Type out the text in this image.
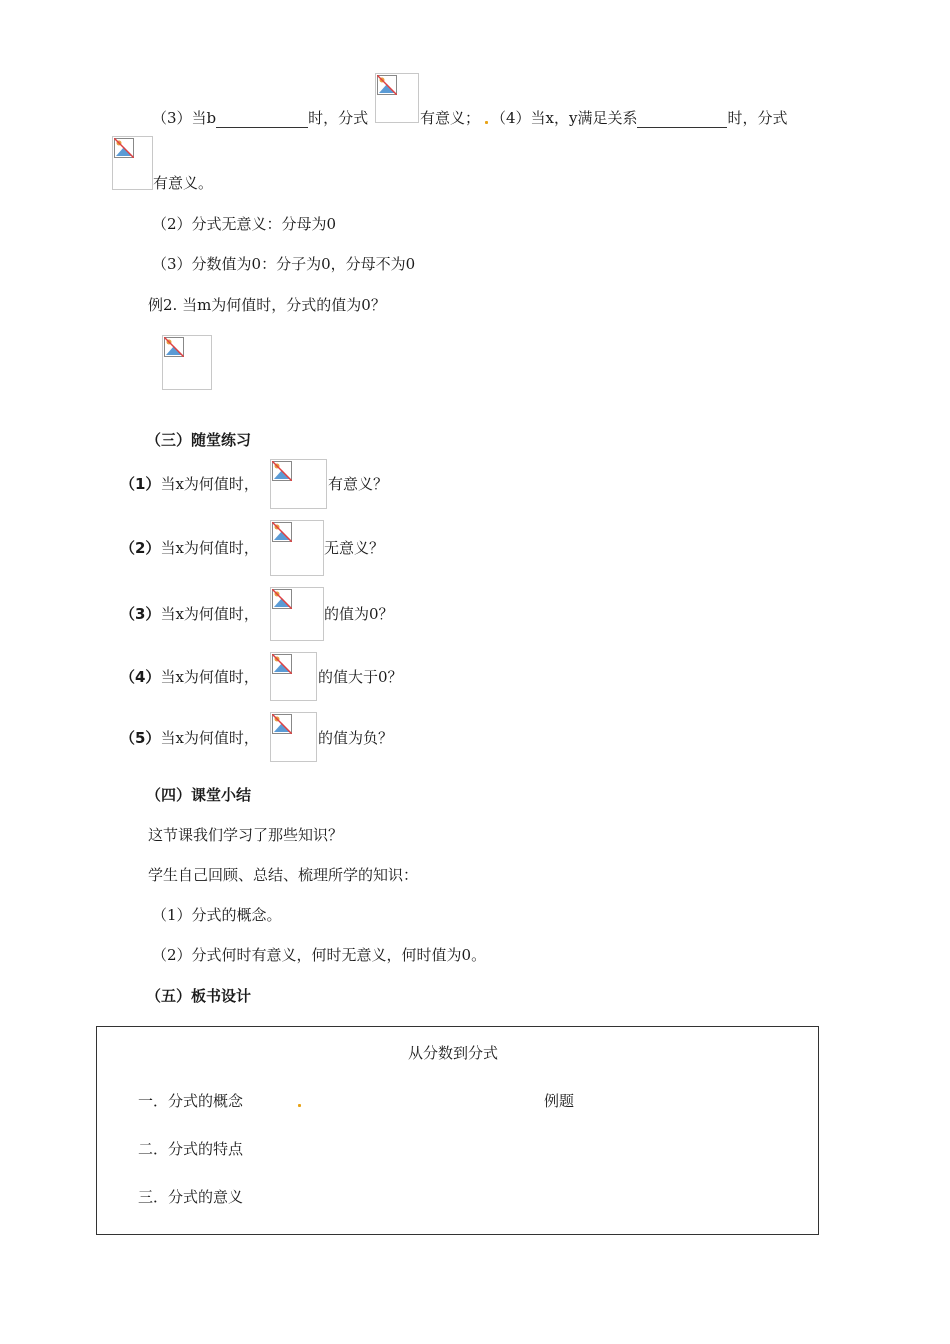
（3）当b	时，分式	有意义； （4）当x，y满足关系	时，分式
有意义。
（2）分式无意义：分母为0
（3）分数值为0：分子为0，分母不为0
例2. 当m为何值时，分式的值为0？
（三）随堂练习
（1）当x为何值时，	有意义？
（2）当x为何值时，	无意义？
（3）当x为何值时，	的值为0？
（4）当x为何值时，	的值大于0？
（5）当x为何值时，	的值为负？
（四）课堂小结
这节课我们学习了那些知识？
学生自己回顾、总结、梳理所学的知识：
（1）分式的概念。
（2）分式何时有意义，何时无意义，何时值为0。
（五）板书设计
从分数到分式
一．分式的概念	例题
二．分式的特点
三．分式的意义
